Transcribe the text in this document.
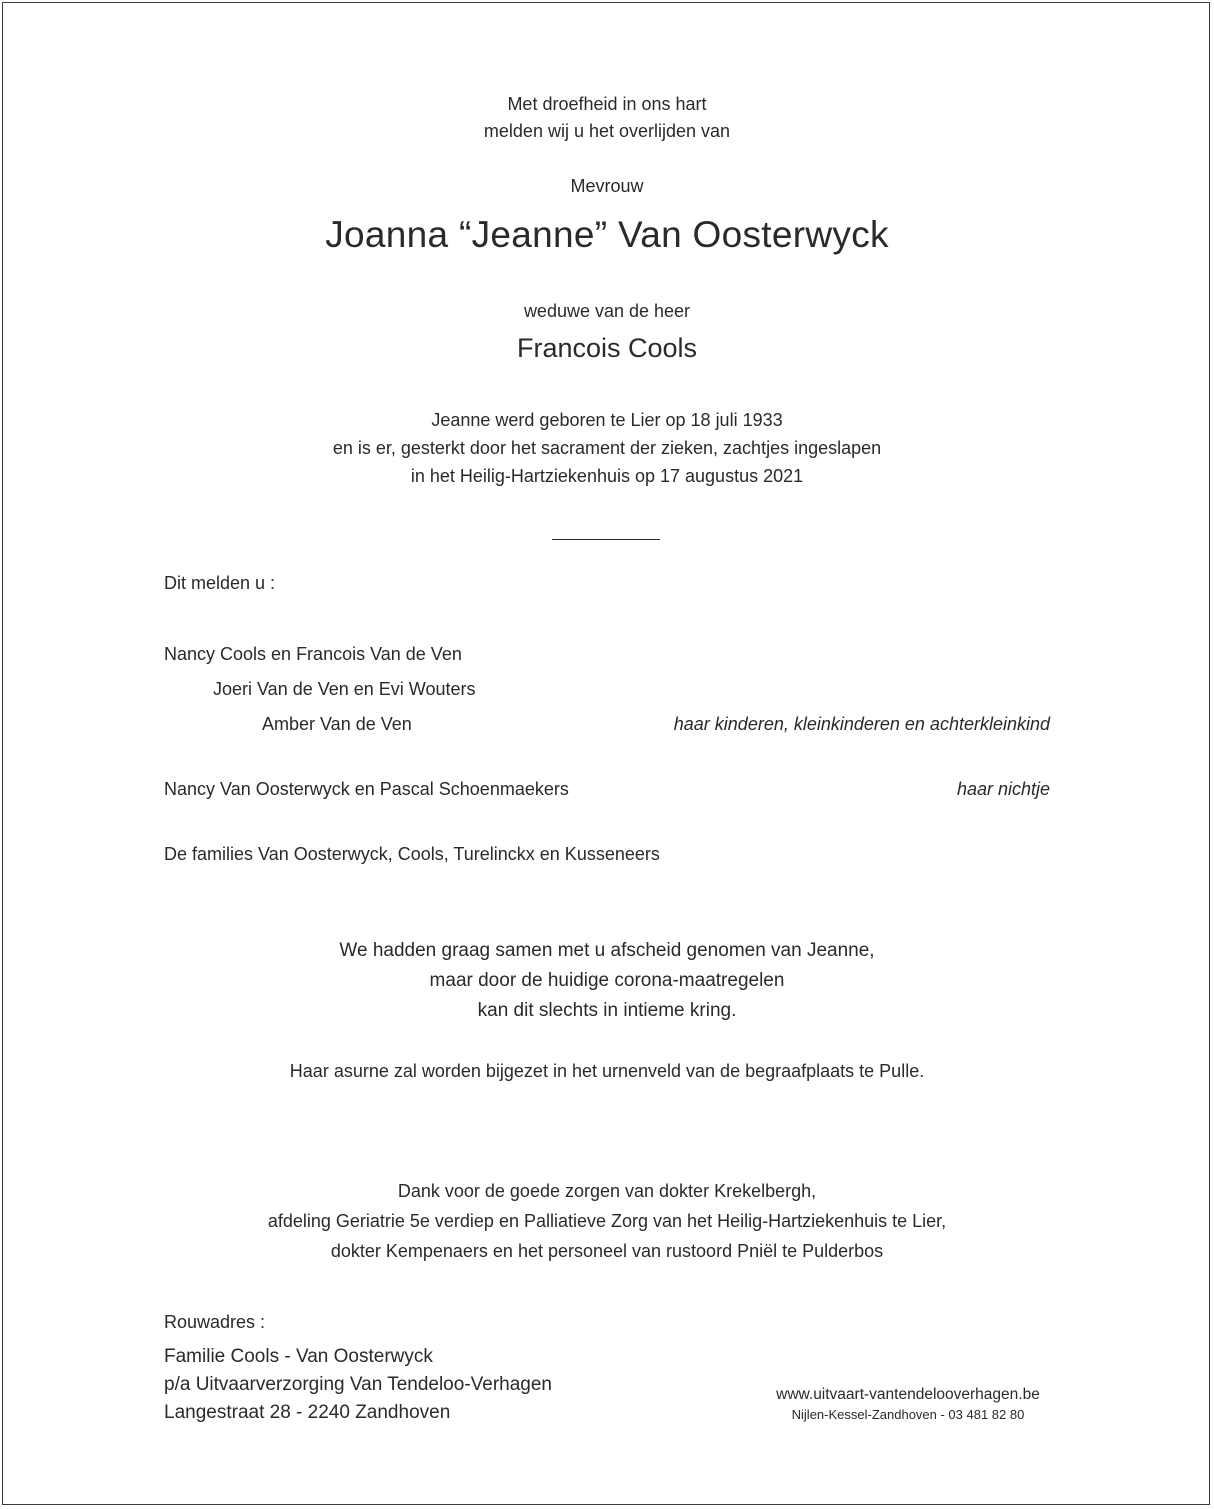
Met droefheid in ons hart
melden wij u het overlijden van
Mevrouw
Joanna “Jeanne” Van Oosterwyck
weduwe van de heer
Francois Cools
Jeanne werd geboren te Lier op 18 juli 1933
en is er, gesterkt door het sacrament der zieken, zachtjes ingeslapen
in het Heilig-Hartziekenhuis op 17 augustus 2021
Dit melden u :
Nancy Cools en Francois Van de Ven
Joeri Van de Ven en Evi Wouters
Amber Van de Ven	haar kinderen, kleinkinderen en achterkleinkind
Nancy Van Oosterwyck en Pascal Schoenmaekers	haar nichtje
De families Van Oosterwyck, Cools, Turelinckx en Kusseneers
We hadden graag samen met u afscheid genomen van Jeanne,
maar door de huidige corona-maatregelen
kan dit slechts in intieme kring.
Haar asurne zal worden bijgezet in het urnenveld van de begraafplaats te Pulle.
Dank voor de goede zorgen van dokter Krekelbergh,
afdeling Geriatrie 5e verdiep en Palliatieve Zorg van het Heilig-Hartziekenhuis te Lier,
dokter Kempenaers en het personeel van rustoord Pniël te Pulderbos
Rouwadres :
Familie Cools - Van Oosterwyck
p/a Uitvaarverzorging Van Tendeloo-Verhagen
Langestraat 28 - 2240 Zandhoven
www.uitvaart-vantendelooverhagen.be
Nijlen-Kessel-Zandhoven - 03 481 82 80
